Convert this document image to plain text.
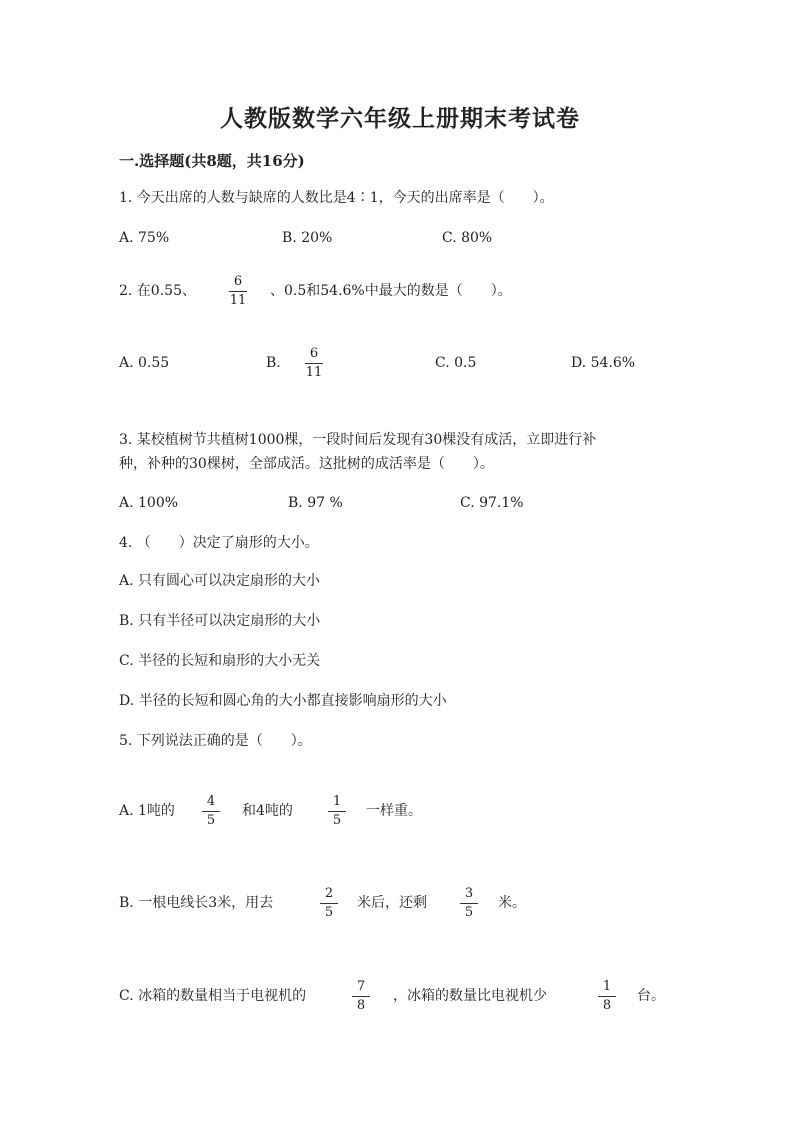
人教版数学六年级上册期末考试卷
一.选择题(共8题，共16分)
1. 今天出席的人数与缺席的人数比是4∶1，今天的出席率是（　　）。
A. 75%	B. 20%	C. 80%
2. 在0.55、
6
11
、0.5和54.6%中最大的数是（　　）。
A. 0.55	B.
6
11
C. 0.5	D. 54.6%
3. 某校植树节共植树1000棵，一段时间后发现有30棵没有成活，立即进行补
种，补种的30棵树，全部成活。这批树的成活率是（　　）。
A. 100%	B. 97 %	C. 97.1%
4. （　　）决定了扇形的大小。
A. 只有圆心可以决定扇形的大小
B. 只有半径可以决定扇形的大小
C. 半径的长短和扇形的大小无关
D. 半径的长短和圆心角的大小都直接影响扇形的大小
5. 下列说法正确的是（　　）。
A. 1吨的
4
5
和4吨的
1
5
一样重。
B. 一根电线长3米，用去
2
5
米后，还剩
3
5
米。
C. 冰箱的数量相当于电视机的
7
8
，冰箱的数量比电视机少
1
8
台。
